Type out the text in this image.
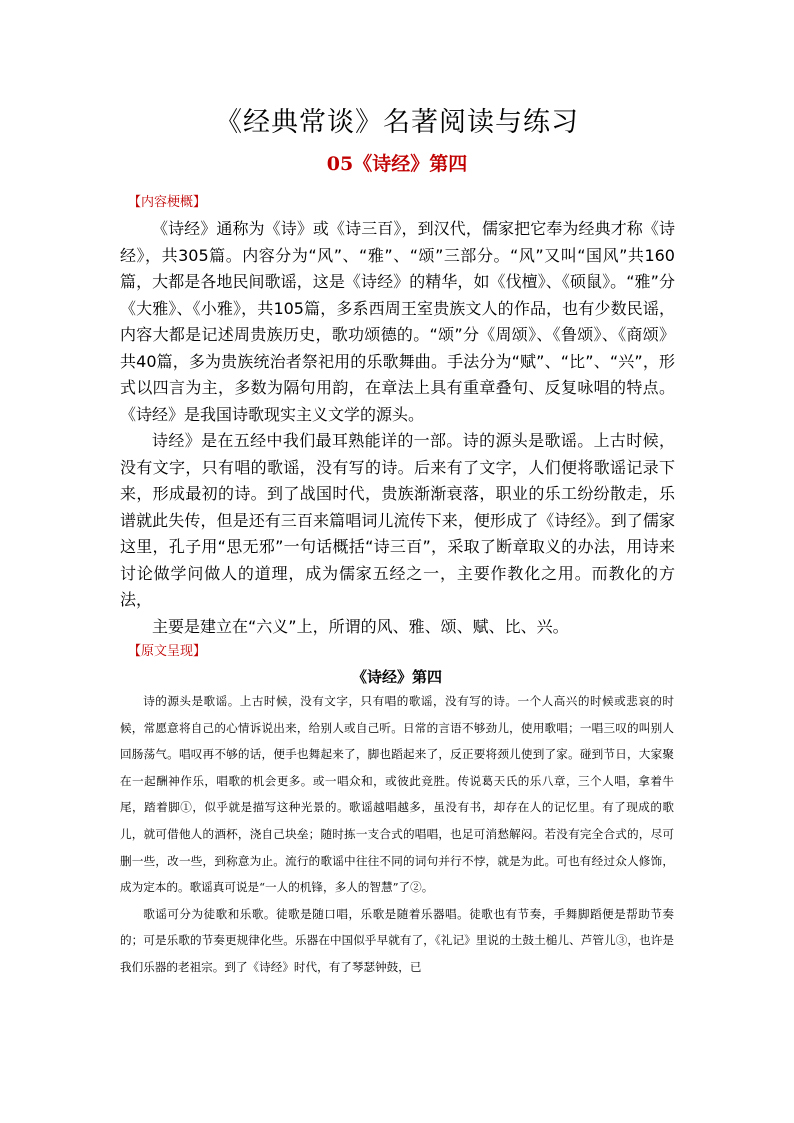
《经典常谈》名著阅读与练习
05《诗经》第四
【内容梗概】

《诗经》通称为《诗》或《诗三百》，到汉代，儒家把它奉为经典才称《诗经》，共305篇。内容分为“风”、“雅”、“颂”三部分。“风”又叫“国风”共160篇，大都是各地民间歌谣，这是《诗经》的精华，如《伐檀》、《硕鼠》。“雅”分《大雅》、《小雅》，共105篇，多系西周王室贵族文人的作品，也有少数民谣，内容大都是记述周贵族历史，歌功颂德的。“颂”分《周颂》、《鲁颂》、《商颂》共40篇，多为贵族统治者祭祀用的乐歌舞曲。手法分为“赋”、“比”、“兴”，形式以四言为主，多数为隔句用韵，在章法上具有重章叠句、反复咏唱的特点。《诗经》是我国诗歌现实主义文学的源头。

诗经》是在五经中我们最耳熟能详的一部。诗的源头是歌谣。上古时候，没有文字，只有唱的歌谣，没有写的诗。后来有了文字，人们便将歌谣记录下来，形成最初的诗。到了战国时代，贵族渐渐衰落，职业的乐工纷纷散走，乐谱就此失传，但是还有三百来篇唱词儿流传下来，便形成了《诗经》。到了儒家这里，孔子用“思无邪”一句话概括“诗三百”，采取了断章取义的办法，用诗来讨论做学问做人的道理，成为儒家五经之一，主要作教化之用。而教化的方法，

主要是建立在“六义”上，所谓的风、雅、颂、赋、比、兴。

【原文呈现】
《诗经》第四

诗的源头是歌谣。上古时候，没有文字，只有唱的歌谣，没有写的诗。一个人高兴的时候或悲哀的时候，常愿意将自己的心情诉说出来，给别人或自己听。日常的言语不够劲儿，使用歌唱；一唱三叹的叫别人回肠荡气。唱叹再不够的话，便手也舞起来了，脚也蹈起来了，反正要将颈儿使到了家。碰到节日，大家聚在一起酬神作乐，唱歌的机会更多。或一唱众和，或彼此竞胜。传说葛天氏的乐八章，三个人唱，拿着牛尾，踏着脚①，似乎就是描写这种光景的。歌谣越唱越多，虽没有书，却存在人的记忆里。有了现成的歌儿，就可借他人的酒杯，浇自己块垒；随时拣一支合式的唱唱，也足可消愁解闷。若没有完全合式的，尽可删一些，改一些，到称意为止。流行的歌谣中往往不同的词句并行不悖，就是为此。可也有经过众人修饰，成为定本的。歌谣真可说是“一人的机锋，多人的智慧”了②。

歌谣可分为徒歌和乐歌。徒歌是随口唱，乐歌是随着乐器唱。徒歌也有节奏，手舞脚蹈便是帮助节奏的；可是乐歌的节奏更规律化些。乐器在中国似乎早就有了，《礼记》里说的土鼓土槌儿、芦管儿③，也许是我们乐器的老祖宗。到了《诗经》时代，有了琴瑟钟鼓，已
